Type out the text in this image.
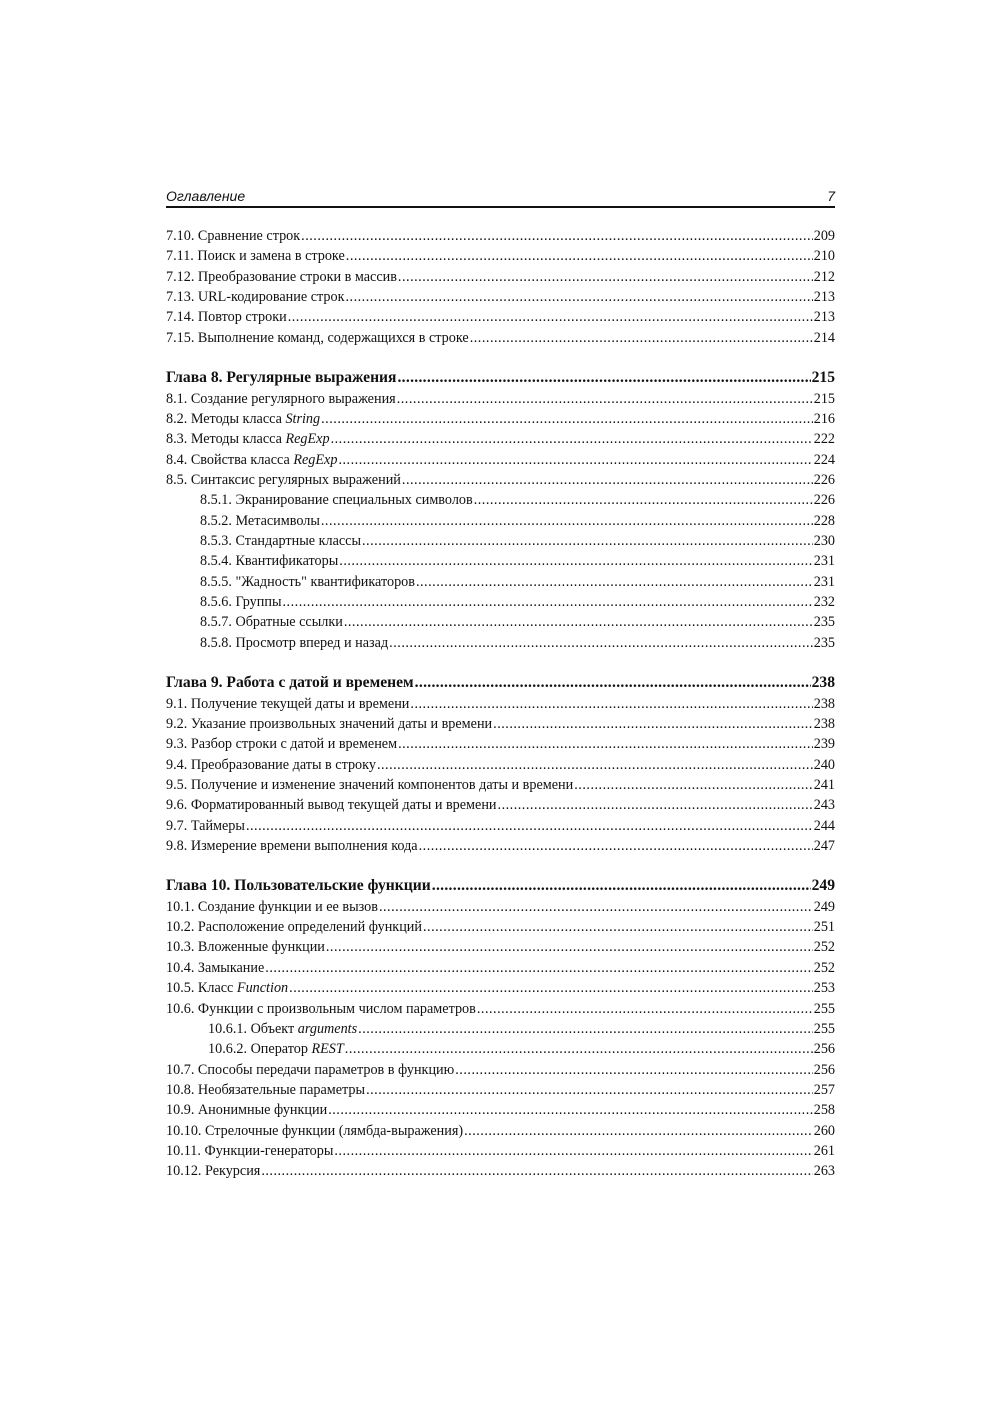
Оглавление	7
7.10. Сравнение строк .....	209
7.11. Поиск и замена в строке .....	210
7.12. Преобразование строки в массив .....	212
7.13. URL-кодирование строк .....	213
7.14. Повтор строки .....	213
7.15. Выполнение команд, содержащихся в строке .....	214
Глава 8. Регулярные выражения .....	215
8.1. Создание регулярного выражения .....	215
8.2. Методы класса String .....	216
8.3. Методы класса RegExp .....	222
8.4. Свойства класса RegExp .....	224
8.5. Синтаксис регулярных выражений .....	226
8.5.1. Экранирование специальных символов .....	226
8.5.2. Метасимволы .....	228
8.5.3. Стандартные классы .....	230
8.5.4. Квантификаторы .....	231
8.5.5. "Жадность" квантификаторов .....	231
8.5.6. Группы .....	232
8.5.7. Обратные ссылки .....	235
8.5.8. Просмотр вперед и назад .....	235
Глава 9. Работа с датой и временем .....	238
9.1. Получение текущей даты и времени .....	238
9.2. Указание произвольных значений даты и времени .....	238
9.3. Разбор строки с датой и временем .....	239
9.4. Преобразование даты в строку .....	240
9.5. Получение и изменение значений компонентов даты и времени .....	241
9.6. Форматированный вывод текущей даты и времени .....	243
9.7. Таймеры .....	244
9.8. Измерение времени выполнения кода .....	247
Глава 10. Пользовательские функции .....	249
10.1. Создание функции и ее вызов .....	249
10.2. Расположение определений функций .....	251
10.3. Вложенные функции .....	252
10.4. Замыкание .....	252
10.5. Класс Function .....	253
10.6. Функции с произвольным числом параметров .....	255
10.6.1. Объект arguments .....	255
10.6.2. Оператор REST .....	256
10.7. Способы передачи параметров в функцию .....	256
10.8. Необязательные параметры .....	257
10.9. Анонимные функции .....	258
10.10. Стрелочные функции (лямбда-выражения) .....	260
10.11. Функции-генераторы .....	261
10.12. Рекурсия .....	263
